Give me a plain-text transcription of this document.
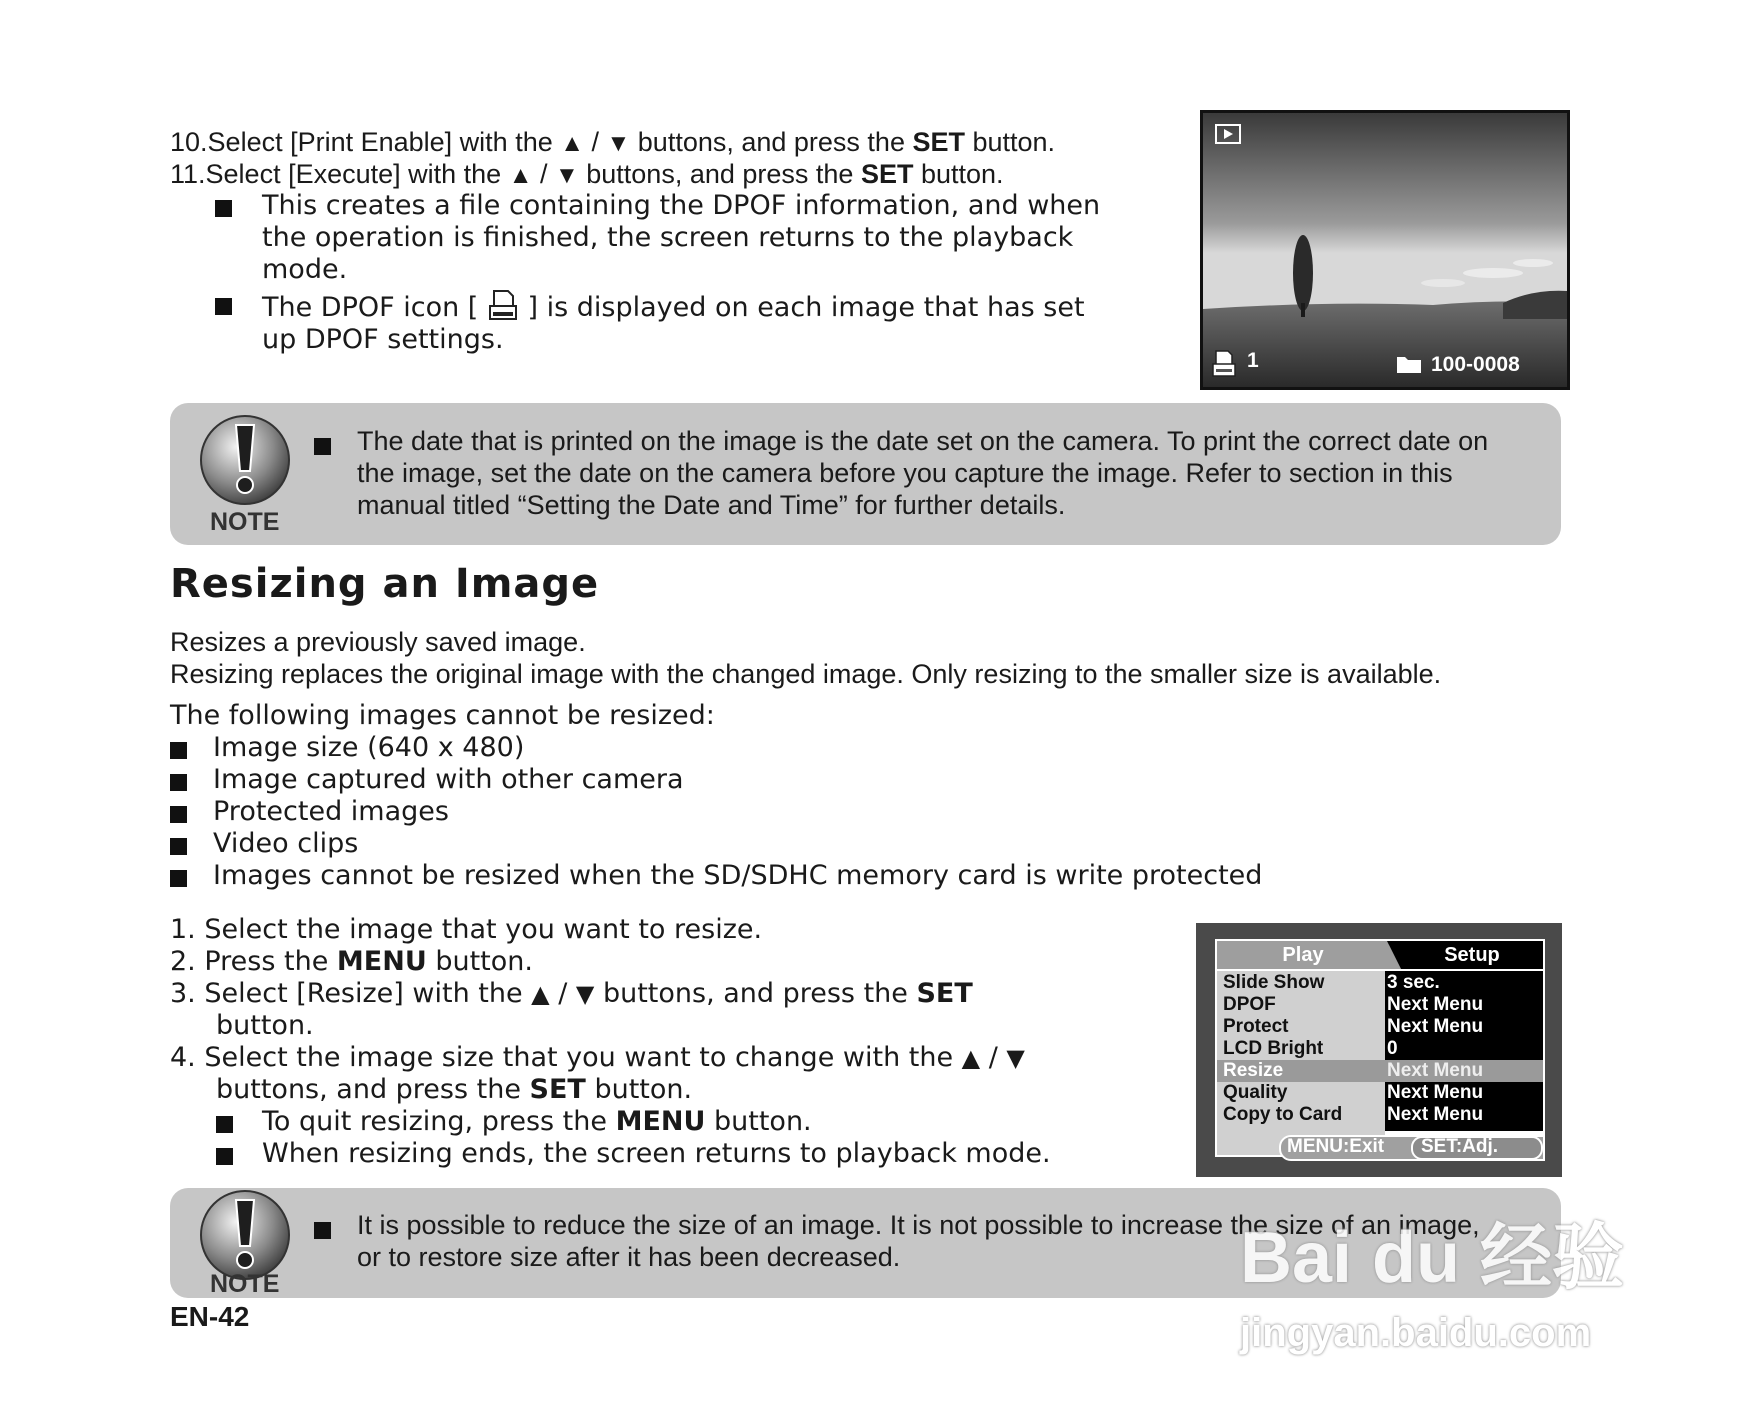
10.Select [Print Enable] with the ▲ / ▼ buttons, and press the SET button.
11.Select [Execute] with the ▲ / ▼ buttons, and press the SET button.
This creates a file containing the DPOF information, and when
the operation is finished, the screen returns to the playback
mode.
The DPOF icon [  ] is displayed on each image that has set
up DPOF settings.
1	100-0008
NOTE
The date that is printed on the image is the date set on the camera. To print the correct date on
the image, set the date on the camera before you capture the image. Refer to section in this
manual titled “Setting the Date and Time” for further details.
Resizing an Image
Resizes a previously saved image.
Resizing replaces the original image with the changed image. Only resizing to the smaller size is available.
The following images cannot be resized:
Image size (640 x 480)
Image captured with other camera
Protected images
Video clips
Images cannot be resized when the SD/SDHC memory card is write protected
1. Select the image that you want to resize.
2. Press the MENU button.
3. Select [Resize] with the ▲ / ▼ buttons, and press the SET
button.
4. Select the image size that you want to change with the ▲ / ▼
buttons, and press the SET button.
To quit resizing, press the MENU button.
When resizing ends, the screen returns to playback mode.
Play	Setup
Slide Show	3 sec.
DPOF	Next Menu
Protect	Next Menu
LCD Bright	0
Resize	Next Menu
Quality	Next Menu
Copy to Card Next Menu
MENU:Exit SET:Adj.
NOTE
It is possible to reduce the size of an image. It is not possible to increase the size of an image,
or to restore size after it has been decreased.
EN-42
Bai du 经验
jingyan.baidu.com
